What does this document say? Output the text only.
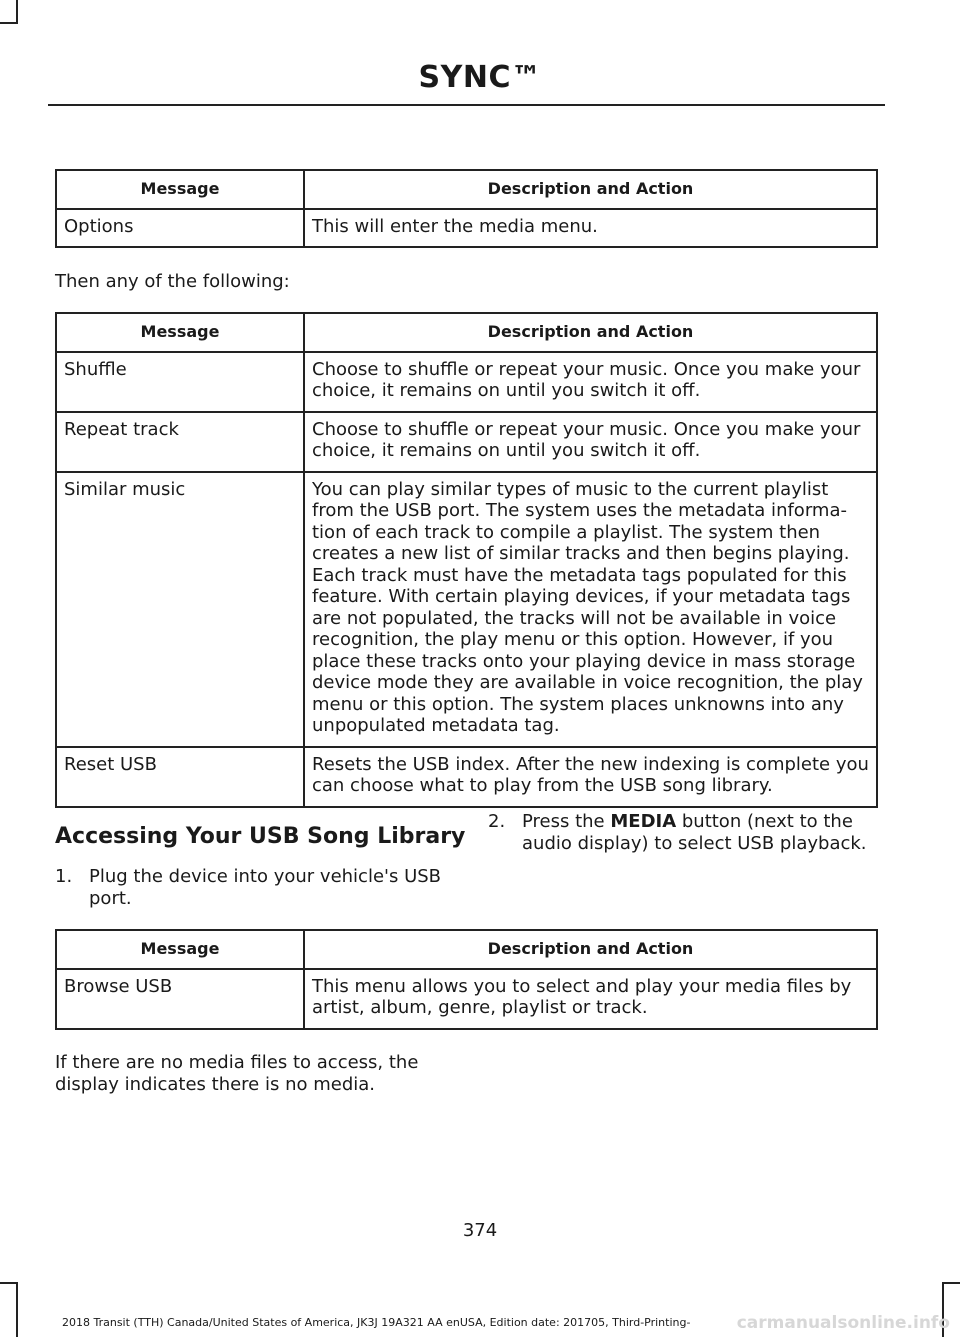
SYNC™
Message	Description and Action
Options	This will enter the media menu.
Then any of the following:
Message	Description and Action
Shuffle	Choose to shuffle or repeat your music. Once you make your choice, it remains on until you switch it off.
Repeat track	Choose to shuffle or repeat your music. Once you make your choice, it remains on until you switch it off.
Similar music	You can play similar types of music to the current playlist from the USB port. The system uses the metadata informa-tion of each track to compile a playlist. The system then creates a new list of similar tracks and then begins playing. Each track must have the metadata tags populated for this feature. With certain playing devices, if your metadata tags are not populated, the tracks will not be available in voice recognition, the play menu or this option. However, if you place these tracks onto your playing device in mass storage device mode they are available in voice recognition, the play menu or this option. The system places unknowns into any unpopulated metadata tag.
Reset USB	Resets the USB index. After the new indexing is complete you can choose what to play from the USB song library.
Accessing Your USB Song Library
1. Plug the device into your vehicle's USB port.
2. Press the MEDIA button (next to the audio display) to select USB playback.
Message	Description and Action
Browse USB	This menu allows you to select and play your media files by artist, album, genre, playlist or track.
If there are no media files to access, the display indicates there is no media.
374
2018 Transit (TTH) Canada/United States of America, JK3J 19A321 AA enUSA, Edition date: 201705, Third-Printing-	carmanualsonline.info
